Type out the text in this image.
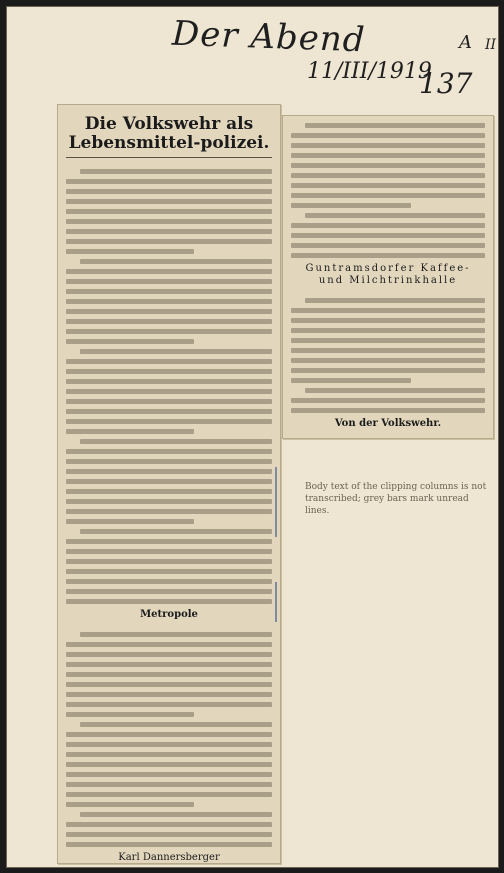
Der Abend
11/III/1919
137
A II
Die Volkswehr als Lebensmittel-polizei.
Metropole
Karl Dannersberger
Guntramsdorfer Kaffee- und Milchtrinkhalle
Von der Volkswehr.
Body text of the clipping columns is not transcribed; grey bars mark unread lines.
